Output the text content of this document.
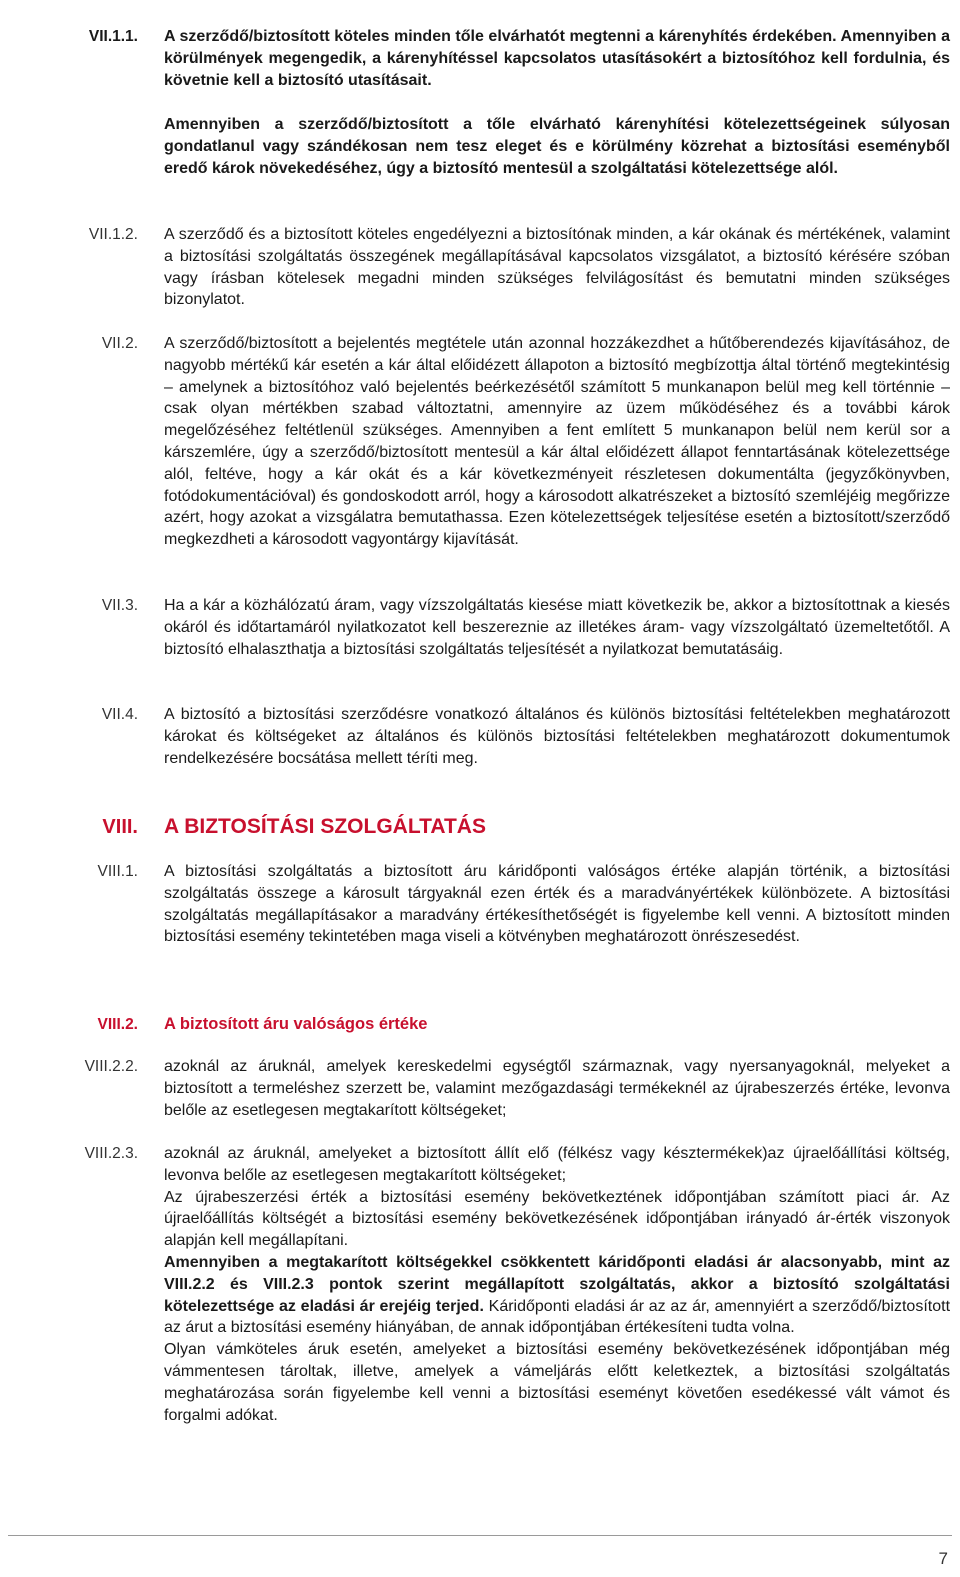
VII.1.1. A szerződő/biztosított köteles minden tőle elvárhatót megtenni a kárenyhítés érdekében. Amennyiben a körülmények megengedik, a kárenyhítéssel kapcsolatos utasításokért a biztosítóhoz kell fordulnia, és követnie kell a biztosító utasításait.

Amennyiben a szerződő/biztosított a tőle elvárható kárenyhítési kötelezettségeinek súlyosan gondatlanul vagy szándékosan nem tesz eleget és e körülmény közrehat a biztosítási eseményből eredő károk növekedéséhez, úgy a biztosító mentesül a szolgáltatási kötelezettsége alól.

VII.1.2. A szerződő és a biztosított köteles engedélyezni a biztosítónak minden, a kár okának és mértékének, valamint a biztosítási szolgáltatás összegének megállapításával kapcsolatos vizsgálatot, a biztosító kérésére szóban vagy írásban kötelesek megadni minden szükséges felvilágosítást és bemutatni minden szükséges bizonylatot.
VII.2. A szerződő/biztosított a bejelentés megtétele után azonnal hozzákezdhet a hűtőberendezés kijavításához, de nagyobb mértékű kár esetén a kár által előidézett állapoton a biztosító megbízottja által történő megtekintésig – amelynek a biztosítóhoz való bejelentés beérkezésétől számított 5 munkanapon belül meg kell történnie – csak olyan mértékben szabad változtatni, amennyire az üzem működéséhez és a további károk megelőzéséhez feltétlenül szükséges. Amennyiben a fent említett 5 munkanapon belül nem kerül sor a kárszemlére, úgy a szerződő/biztosított mentesül a kár által előidézett állapot fenntartásának kötelezettsége alól, feltéve, hogy a kár okát és a kár következményeit részletesen dokumentálta (jegyzőkönyvben, fotódokumentációval) és gondoskodott arról, hogy a károsodott alkatrészeket a biztosító szemléjéig megőrizze azért, hogy azokat a vizsgálatra bemutathassa. Ezen kötelezettségek teljesítése esetén a biztosított/szerződő megkezdheti a károsodott vagyontárgy kijavítását.
VII.3. Ha a kár a közhálózatú áram, vagy vízszolgáltatás kiesése miatt következik be, akkor a biztosítottnak a kiesés okáról és időtartamáról nyilatkozatot kell beszereznie az illetékes áram- vagy vízszolgáltató üzemeltetőtől. A biztosító elhalaszthatja a biztosítási szolgáltatás teljesítését a nyilatkozat bemutatásáig.
VII.4. A biztosító a biztosítási szerződésre vonatkozó általános és különös biztosítási feltételekben meghatározott károkat és költségeket az általános és különös biztosítási feltételekben meghatározott dokumentumok rendelkezésére bocsátása mellett téríti meg.
VIII. A BIZTOSÍTÁSI SZOLGÁLTATÁS
VIII.1. A biztosítási szolgáltatás a biztosított áru káridőponti valóságos értéke alapján történik, a biztosítási szolgáltatás összege a károsult tárgyaknál ezen érték és a maradványértékek különbözete. A biztosítási szolgáltatás megállapításakor a maradvány értékesíthetőségét is figyelembe kell venni. A biztosított minden biztosítási esemény tekintetében maga viseli a kötvényben meghatározott önrészesedést.
VIII.2. A biztosított áru valóságos értéke
VIII.2.2. azoknál az áruknál, amelyek kereskedelmi egységtől származnak, vagy nyersanyagoknál, melyeket a biztosított a termeléshez szerzett be, valamint mezőgazdasági termékeknél az újrabeszerzés értéke, levonva belőle az esetlegesen megtakarított költségeket;
VIII.2.3. azoknál az áruknál, amelyeket a biztosított állít elő (félkész vagy késztermékek)az újraelőállítási költség, levonva belőle az esetlegesen megtakarított költségeket;

Az újrabeszerzési érték a biztosítási esemény bekövetkeztének időpontjában számított piaci ár. Az újraelőállítás költségét a biztosítási esemény bekövetkezésének időpontjában irányadó ár-érték viszonyok alapján kell megállapítani.

Amennyiben a megtakarított költségekkel csökkentett káridőponti eladási ár alacsonyabb, mint az VIII.2.2 és VIII.2.3 pontok szerint megállapított szolgáltatás, akkor a biztosító szolgáltatási kötelezettsége az eladási ár erejéig terjed. Káridőponti eladási ár az az ár, amennyiért a szerződő/biztosított az árut a biztosítási esemény hiányában, de annak időpontjában értékesíteni tudta volna.

Olyan vámköteles áruk esetén, amelyeket a biztosítási esemény bekövetkezésének időpontjában még vámmentesen tároltak, illetve, amelyek a vámeljárás előtt keletkeztek, a biztosítási szolgáltatás meghatározása során figyelembe kell venni a biztosítási eseményt követően esedékessé vált vámot és forgalmi adókat.

7
